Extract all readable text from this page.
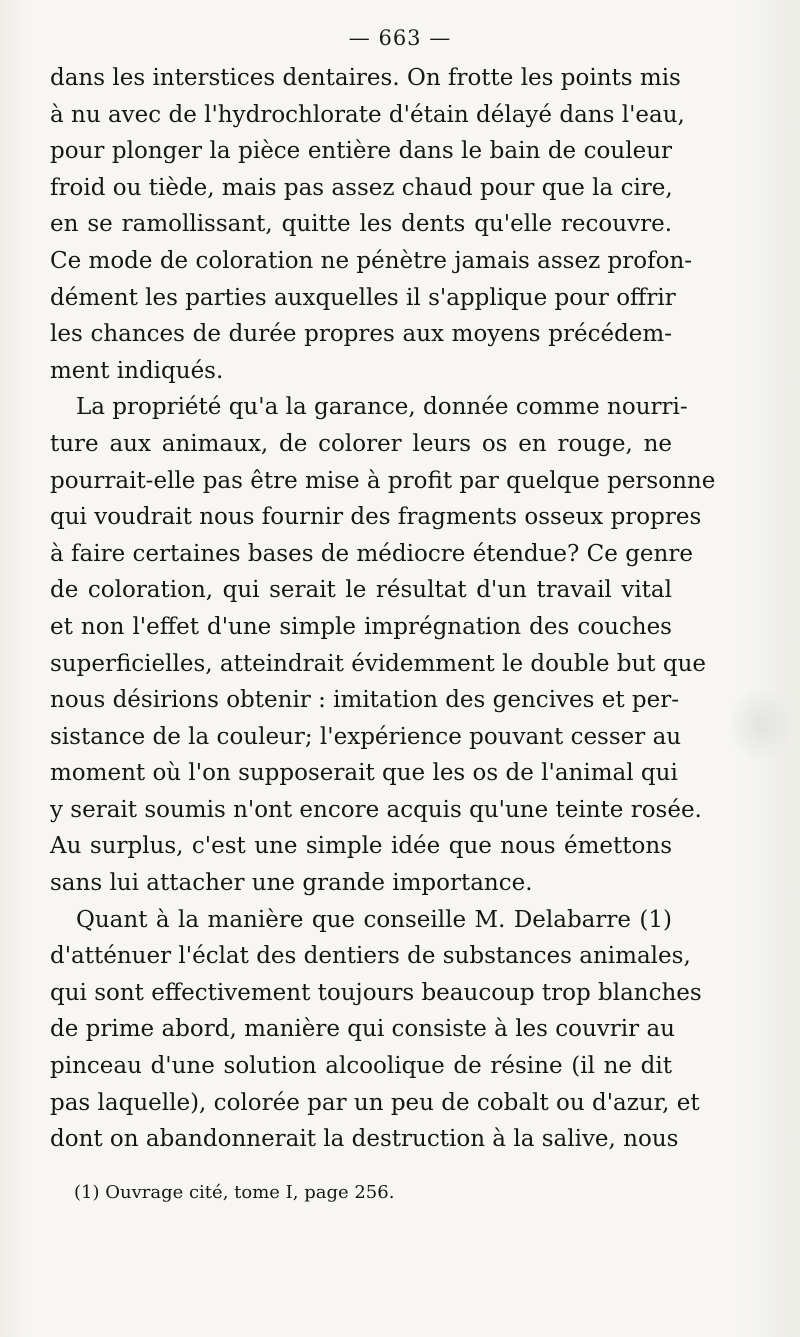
— 663 —
dans les interstices dentaires. On frotte les points mis
à nu avec de l'hydrochlorate d'étain délayé dans l'eau,
pour plonger la pièce entière dans le bain de couleur
froid ou tiède, mais pas assez chaud pour que la cire,
en se ramollissant, quitte les dents qu'elle recouvre.
Ce mode de coloration ne pénètre jamais assez profon-
dément les parties auxquelles il s'applique pour offrir
les chances de durée propres aux moyens précédem-
ment indiqués.
La propriété qu'a la garance, donnée comme nourri-
ture aux animaux, de colorer leurs os en rouge, ne
pourrait-elle pas être mise à profit par quelque personne
qui voudrait nous fournir des fragments osseux propres
à faire certaines bases de médiocre étendue? Ce genre
de coloration, qui serait le résultat d'un travail vital
et non l'effet d'une simple imprégnation des couches
superficielles, atteindrait évidemment le double but que
nous désirions obtenir : imitation des gencives et per-
sistance de la couleur; l'expérience pouvant cesser au
moment où l'on supposerait que les os de l'animal qui
y serait soumis n'ont encore acquis qu'une teinte rosée.
Au surplus, c'est une simple idée que nous émettons
sans lui attacher une grande importance.
Quant à la manière que conseille M. Delabarre (1)
d'atténuer l'éclat des dentiers de substances animales,
qui sont effectivement toujours beaucoup trop blanches
de prime abord, manière qui consiste à les couvrir au
pinceau d'une solution alcoolique de résine (il ne dit
pas laquelle), colorée par un peu de cobalt ou d'azur, et
dont on abandonnerait la destruction à la salive, nous
(1) Ouvrage cité, tome I, page 256.
